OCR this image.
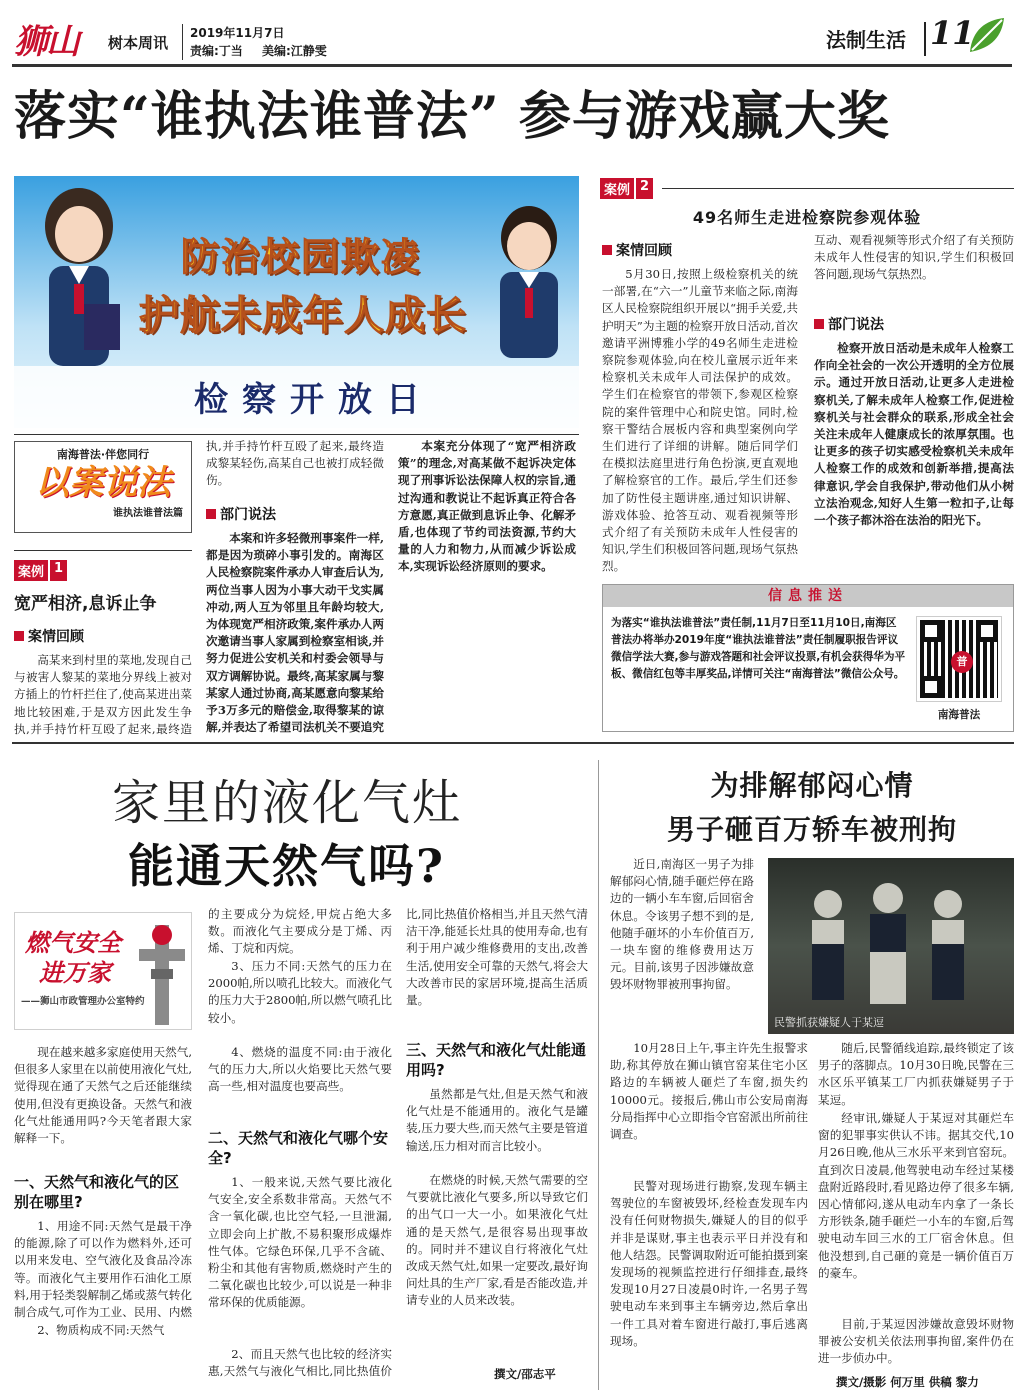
狮山 树本周讯
2019年11月7日
责编:丁当 美编:江静雯	法制生活 11
落实“谁执法谁普法” 参与游戏赢大奖
防治校园欺凌
护航未成年人成长
检察开放日
南海普法·伴您同行
以案说法
谁执法谁普法篇
案例 1
宽严相济,息诉止争
案情回顾

高某来到村里的菜地,发现自己与被害人黎某的菜地分界线上被对方插上的竹杆拦住了,使高某进出菜地比较困难,于是双方因此发生争执,并手持竹杆互殴了起来,最终造

执,并手持竹杆互殴了起来,最终造成黎某轻伤,高某自己也被打成轻微伤。

部门说法

本案和许多轻微刑事案件一样,都是因为琐碎小事引发的。南海区人民检察院案件承办人审查后认为,两位当事人因为小事大动干戈实属冲动,两人互为邻里且年龄均较大,为体现宽严相济政策,案件承办人两次邀请当事人家属到检察室相谈,并努力促进公安机关和村委会领导与双方调解协说。最终,高某家属与黎某家人通过协商,高某愿意向黎某给予3万多元的赔偿金,取得黎某的谅解,并表达了希望司法机关不要追究

本案充分体现了“宽严相济政策”的理念,对高某做不起诉决定体现了刑事诉讼法保障人权的宗旨,通过沟通和教说让不起诉真正符合各方意愿,真正做到息诉止争、化解矛盾,也体现了节约司法资源,节约大量的人力和物力,从而减少诉讼成本,实现诉讼经济原则的要求。

案例 2
49名师生走进检察院参观体验
案情回顾

5月30日,按照上级检察机关的统一部署,在“六一”儿童节来临之际,南海区人民检察院组织开展以“拥手关爱,共护明天”为主题的检察开放日活动,首次邀请平洲博雅小学的49名师生走进检察院参观体验,向在校儿童展示近年来检察机关未成年人司法保护的成效。学生们在检察官的带领下,参观区检察院的案件管理中心和院史馆。同时,检察干警结合展板内容和典型案例向学生们进行了详细的讲解。随后同学们在模拟法庭里进行角色扮演,更直观地了解检察官的工作。最后,学生们还参加了防性侵主题讲座,通过知识讲解、游戏体验、抢答互动、观看视频等形式介绍了有关预防未成年人性侵害的知识,学生们积极回答问题,现场气氛热烈。

互动、观看视频等形式介绍了有关预防未成年人性侵害的知识,学生们积极回答问题,现场气氛热烈。

部门说法

检察开放日活动是未成年人检察工作向全社会的一次公开透明的全方位展示。通过开放日活动,让更多人走进检察机关,了解未成年人检察工作,促进检察机关与社会群众的联系,形成全社会关注未成年人健康成长的浓厚氛围。也让更多的孩子切实感受检察机关未成年人检察工作的成效和创新举措,提高法律意识,学会自我保护,带动他们从小树立法治观念,知好人生第一粒扣子,让每一个孩子都沐浴在法治的阳光下。

信息推送
为落实“谁执法谁普法”责任制,11月7日至11月10日,南海区普法办将举办2019年度“谁执法谁普法”责任制履职报告评议微信学法大赛,参与游戏答题和社会评议投票,有机会获得华为平板、微信红包等丰厚奖品,详情可关注“南海普法”微信公众号。
普
南海普法
家里的液化气灶
能通天然气吗?
燃气安全
进万家
——狮山市政管理办公室特约

现在越来越多家庭使用天然气,但很多人家里在以前使用液化气灶,觉得现在通了天然气之后还能继续使用,但没有更换设备。天然气和液化气灶能通用吗?今天笔者跟大家解释一下。

一、天然气和液化气的区别在哪里?

1、用途不同:天然气是最干净的能源,除了可以作为燃料外,还可以用来发电、空气液化及食品冷冻等。而液化气主要用作石油化工原料,用于轻类裂解制乙烯或蒸气转化制合成气,可作为工业、民用、内燃

2、物质构成不同:天然气

的主要成分为烷烃,甲烷占绝大多数。而液化气主要成分是丁烯、丙烯、丁烷和丙烷。

3、压力不同:天然气的压力在2000帕,所以喷孔比较大。而液化气的压力大于2800帕,所以燃气喷孔比较小。

4、燃烧的温度不同:由于液化气的压力大,所以火焰要比天然气要高一些,相对温度也要高些。

二、天然气和液化气哪个安全?

1、一般来说,天然气要比液化气安全,安全系数非常高。天然气不含一氧化碳,也比空气轻,一旦泄漏,立即会向上扩散,不易积聚形成爆炸性气体。它绿色环保,几乎不含硫、粉尘和其他有害物质,燃烧时产生的二氧化碳也比较少,可以说是一种非常环保的优质能源。

2、而且天然气也比较的经济实惠,天然气与液化气相比,同比热值价

比,同比热值价格相当,并且天然气清洁干净,能延长灶具的使用寿命,也有利于用户减少维修费用的支出,改善生活,使用安全可靠的天然气,将会大大改善市民的家居环境,提高生活质量。

三、天然气和液化气灶能通用吗?

虽然都是气灶,但是天然气和液化气灶是不能通用的。液化气是罐装,压力要大些,而天然气主要是管道输送,压力相对而言比较小。

在燃烧的时候,天然气需要的空气要就比液化气要多,所以导致它们的出气口一大一小。如果液化气灶通的是天然气,是很容易出现事故的。同时并不建议自行将液化气灶改成天然气灶,如果一定要改,最好询问灶具的生产厂家,看是否能改造,并请专业的人员来改装。

撰文/邵志平
为排解郁闷心情
男子砸百万轿车被刑拘

近日,南海区一男子为排解郁闷心情,随手砸烂停在路边的一辆小车车窗,后回宿舍休息。令该男子想不到的是,他随手砸坏的小车价值百万,一块车窗的维修费用达万元。目前,该男子因涉嫌故意毁坏财物罪被刑事拘留。

民警抓获嫌疑人于某逗

10月28日上午,事主许先生报警求助,称其停放在狮山镇官窑某住宅小区路边的车辆被人砸烂了车窗,损失约10000元。接报后,佛山市公安局南海分局指挥中心立即指令官窑派出所前往调查。

民警对现场进行勘察,发现车辆主驾驶位的车窗被毁坏,经检查发现车内没有任何财物损失,嫌疑人的目的似乎并非是谋财,事主也表示平日并没有和他人结怨。民警调取附近可能拍摄到案发现场的视频监控进行仔细排查,最终发现10月27日凌晨0时许,一名男子驾驶电动车来到事主车辆旁边,然后拿出一件工具对着车窗进行敲打,事后逃离现场。

随后,民警循线追踪,最终锁定了该男子的落脚点。10月30日晚,民警在三水区乐平镇某工厂内抓获嫌疑男子于某逗。

经审讯,嫌疑人于某逗对其砸烂车窗的犯罪事实供认不讳。据其交代,10月26日晚,他从三水乐平来到官窑玩。直到次日凌晨,他驾驶电动车经过某楼盘附近路段时,看见路边停了很多车辆,因心情郁闷,遂从电动车内拿了一条长方形铁条,随手砸烂一小车的车窗,后驾驶电动车回三水的工厂宿舍休息。但他没想到,自己砸的竟是一辆价值百万的豪车。

目前,于某逗因涉嫌故意毁坏财物罪被公安机关依法刑事拘留,案件仍在进一步侦办中。

撰文/摄影 何万里 供稿 黎力
